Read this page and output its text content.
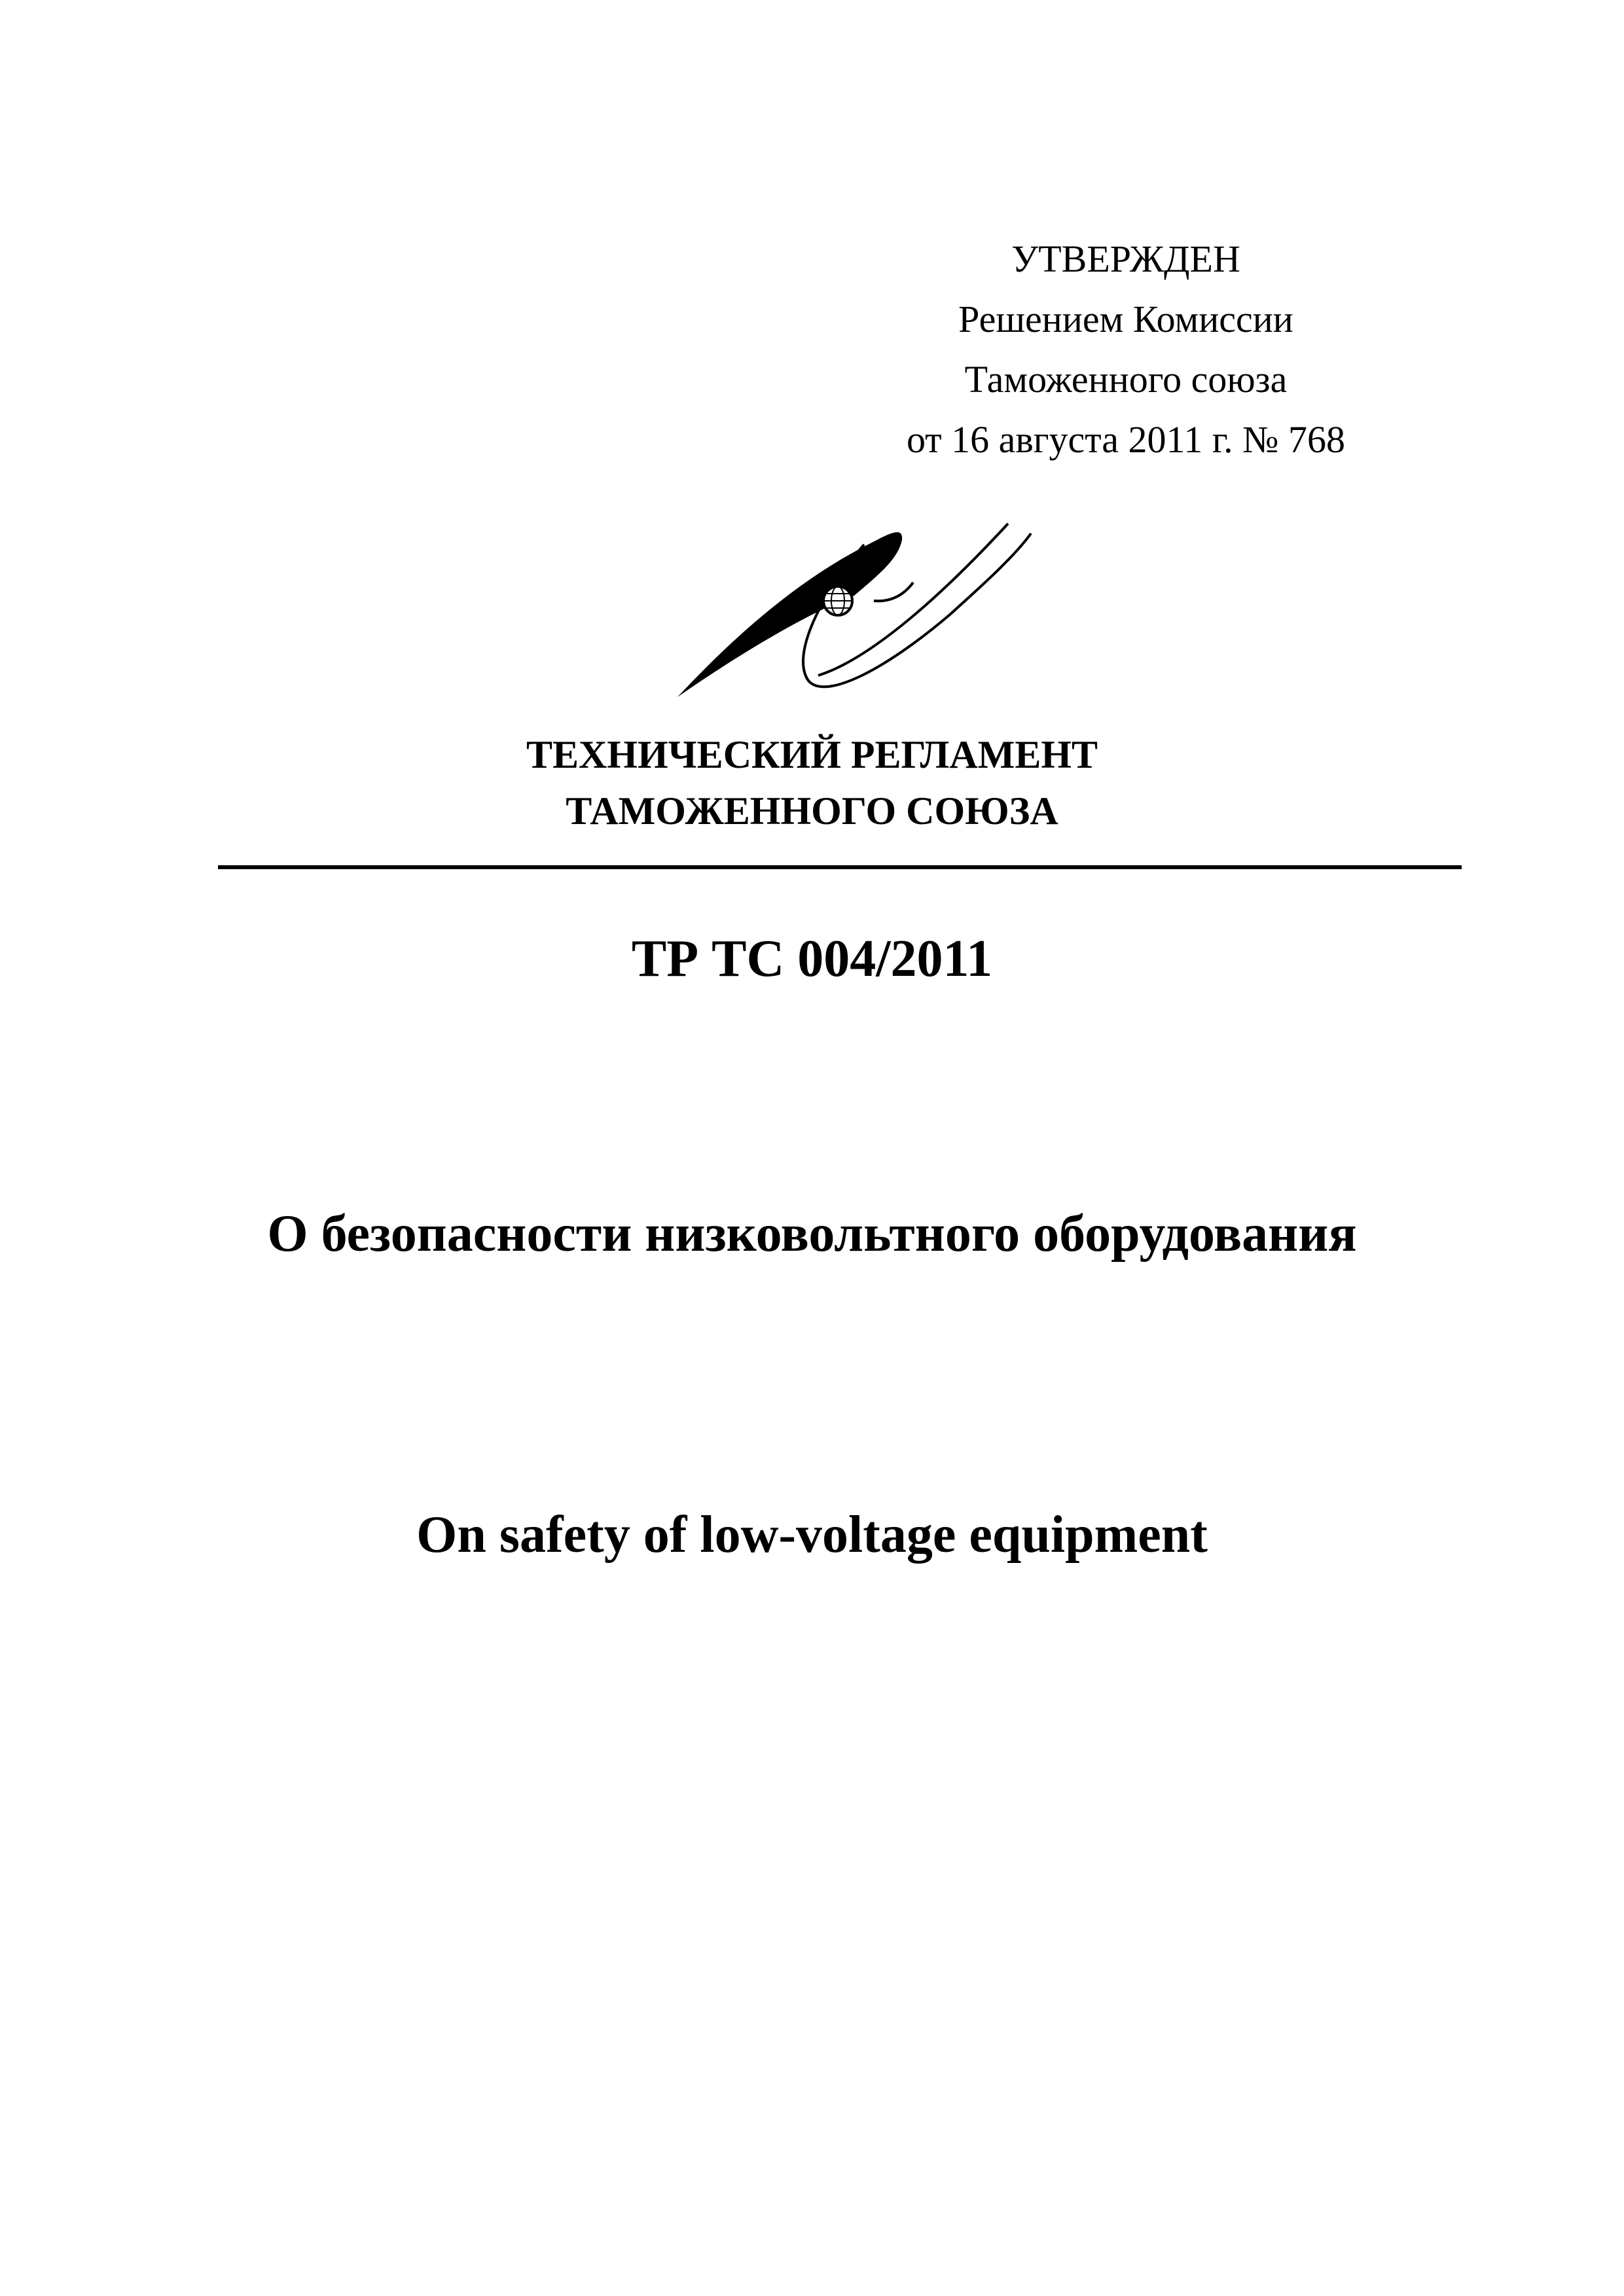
УТВЕРЖДЕН
Решением Комиссии
Таможенного союза
от 16 августа 2011 г. № 768
ТЕХНИЧЕСКИЙ РЕГЛАМЕНТ
ТАМОЖЕННОГО СОЮЗА
ТР ТС 004/2011
О безопасности низковольтного оборудования
On safety of low-voltage equipment
